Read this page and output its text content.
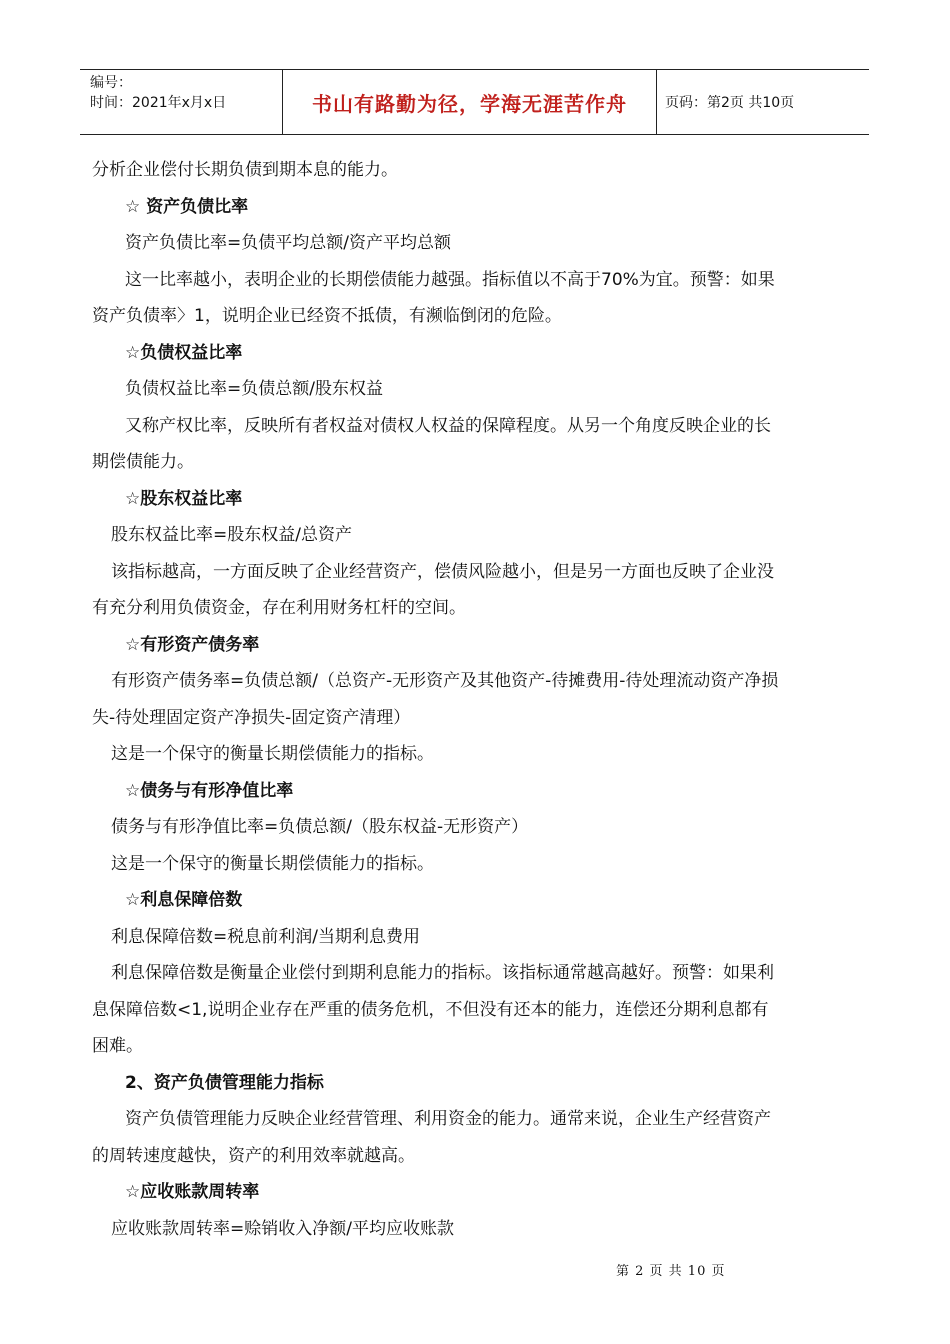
编号：
时间：2021年x月x日	书山有路勤为径，学海无涯苦作舟	页码：第2页 共10页
分析企业偿付长期负债到期本息的能力。
☆ 资产负债比率
资产负债比率=负债平均总额/资产平均总额
这一比率越小，表明企业的长期偿债能力越强。指标值以不高于70%为宜。预警：如果
资产负债率〉1，说明企业已经资不抵债，有濒临倒闭的危险。
☆负债权益比率
负债权益比率=负债总额/股东权益
又称产权比率，反映所有者权益对债权人权益的保障程度。从另一个角度反映企业的长
期偿债能力。
☆股东权益比率
股东权益比率=股东权益/总资产
该指标越高，一方面反映了企业经营资产，偿债风险越小，但是另一方面也反映了企业没
有充分利用负债资金，存在利用财务杠杆的空间。
☆有形资产债务率
有形资产债务率=负债总额/（总资产-无形资产及其他资产-待摊费用-待处理流动资产净损
失-待处理固定资产净损失-固定资产清理）
这是一个保守的衡量长期偿债能力的指标。
☆债务与有形净值比率
债务与有形净值比率=负债总额/（股东权益-无形资产）
这是一个保守的衡量长期偿债能力的指标。
☆利息保障倍数
利息保障倍数=税息前利润/当期利息费用
利息保障倍数是衡量企业偿付到期利息能力的指标。该指标通常越高越好。预警：如果利
息保障倍数<1,说明企业存在严重的债务危机，不但没有还本的能力，连偿还分期利息都有
困难。
2、资产负债管理能力指标
资产负债管理能力反映企业经营管理、利用资金的能力。通常来说，企业生产经营资产
的周转速度越快，资产的利用效率就越高。
☆应收账款周转率
应收账款周转率=赊销收入净额/平均应收账款
第 2 页 共 10 页
